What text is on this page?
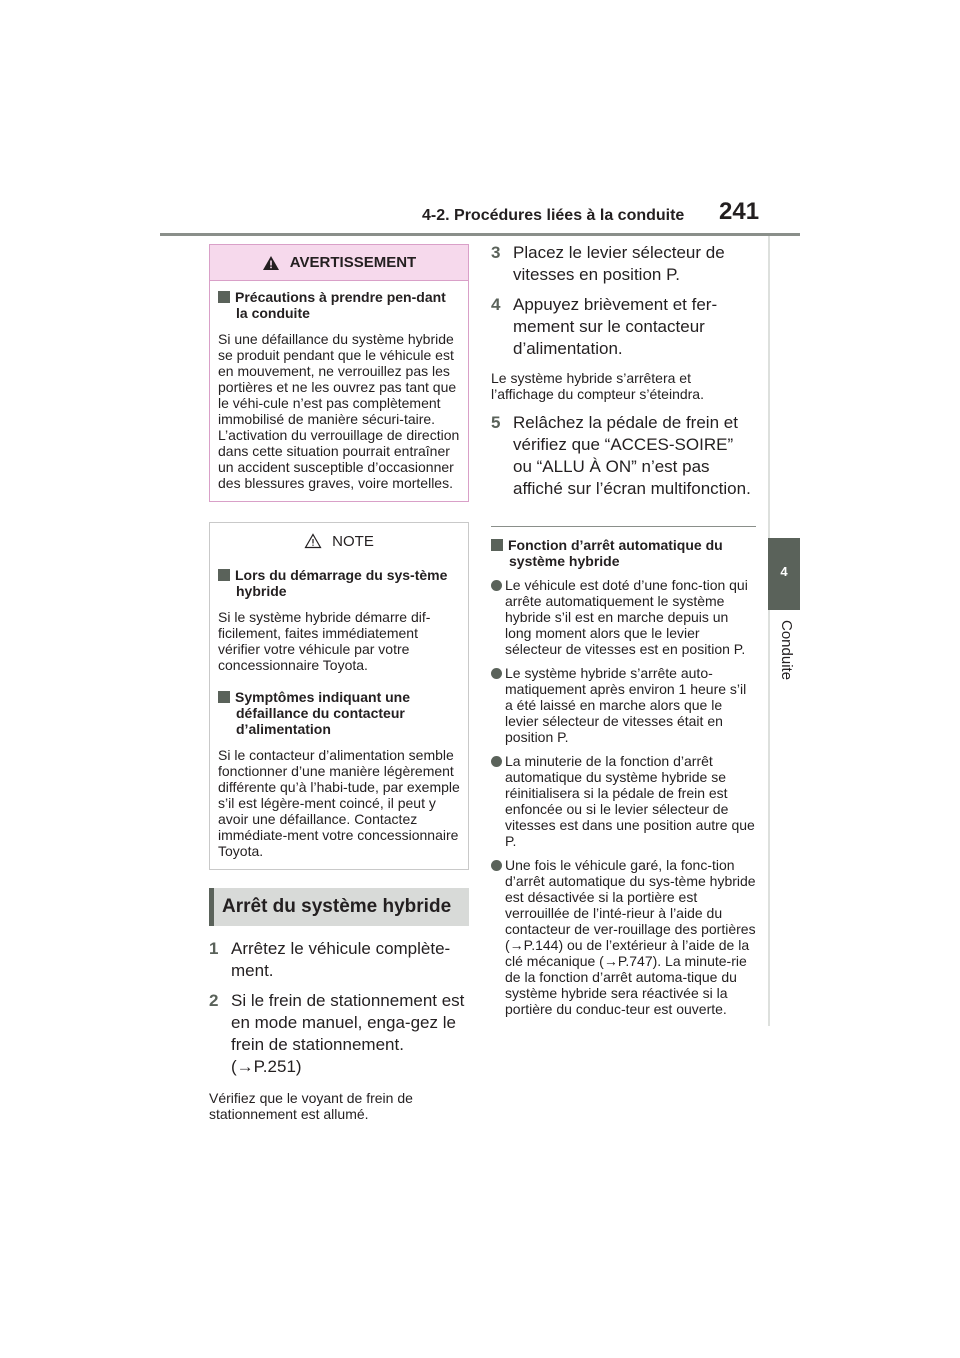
4-2. Procédures liées à la conduite 241
4
Conduite
AVERTISSEMENT
Précautions à prendre pen-dant la conduite
Si une défaillance du système hybride se produit pendant que le véhicule est en mouvement, ne verrouillez pas les portières et ne les ouvrez pas tant que le véhi-cule n’est pas complètement immobilisé de manière sécuri-taire. L’activation du verrouillage de direction dans cette situation pourrait entraîner un accident susceptible d’occasionner des blessures graves, voire mortelles.
NOTE
Lors du démarrage du sys-tème hybride
Si le système hybride démarre dif-ficilement, faites immédiatement vérifier votre véhicule par votre concessionnaire Toyota.
Symptômes indiquant une défaillance du contacteur d’alimentation
Si le contacteur d’alimentation semble fonctionner d’une manière légèrement différente qu’à l’habi-tude, par exemple s’il est légère-ment coincé, il peut y avoir une défaillance. Contactez immédiate-ment votre concessionnaire Toyota.
Arrêt du système hybride
1 Arrêtez le véhicule complète-ment.
2 Si le frein de stationnement est en mode manuel, enga-gez le frein de stationnement. (→P.251)
Vérifiez que le voyant de frein de stationnement est allumé.
3 Placez le levier sélecteur de vitesses en position P.
4 Appuyez brièvement et fer-mement sur le contacteur d’alimentation.
Le système hybride s’arrêtera et l’affichage du compteur s’éteindra.
5 Relâchez la pédale de frein et vérifiez que “ACCES-SOIRE” ou “ALLU À ON” n’est pas affiché sur l’écran multifonction.
Fonction d’arrêt automatique du système hybride
Le véhicule est doté d’une fonc-tion qui arrête automatiquement le système hybride s’il est en marche depuis un long moment alors que le levier sélecteur de vitesses est en position P.
Le système hybride s’arrête auto-matiquement après environ 1 heure s’il a été laissé en marche alors que le levier sélecteur de vitesses était en position P.
La minuterie de la fonction d’arrêt automatique du système hybride se réinitialisera si la pédale de frein est enfoncée ou si le levier sélecteur de vitesses est dans une position autre que P.
Une fois le véhicule garé, la fonc-tion d’arrêt automatique du sys-tème hybride est désactivée si la portière est verrouillée de l’inté-rieur à l’aide du contacteur de ver-rouillage des portières (→P.144) ou de l’extérieur à l’aide de la clé mécanique (→P.747). La minute-rie de la fonction d’arrêt automa-tique du système hybride sera réactivée si la portière du conduc-teur est ouverte.
